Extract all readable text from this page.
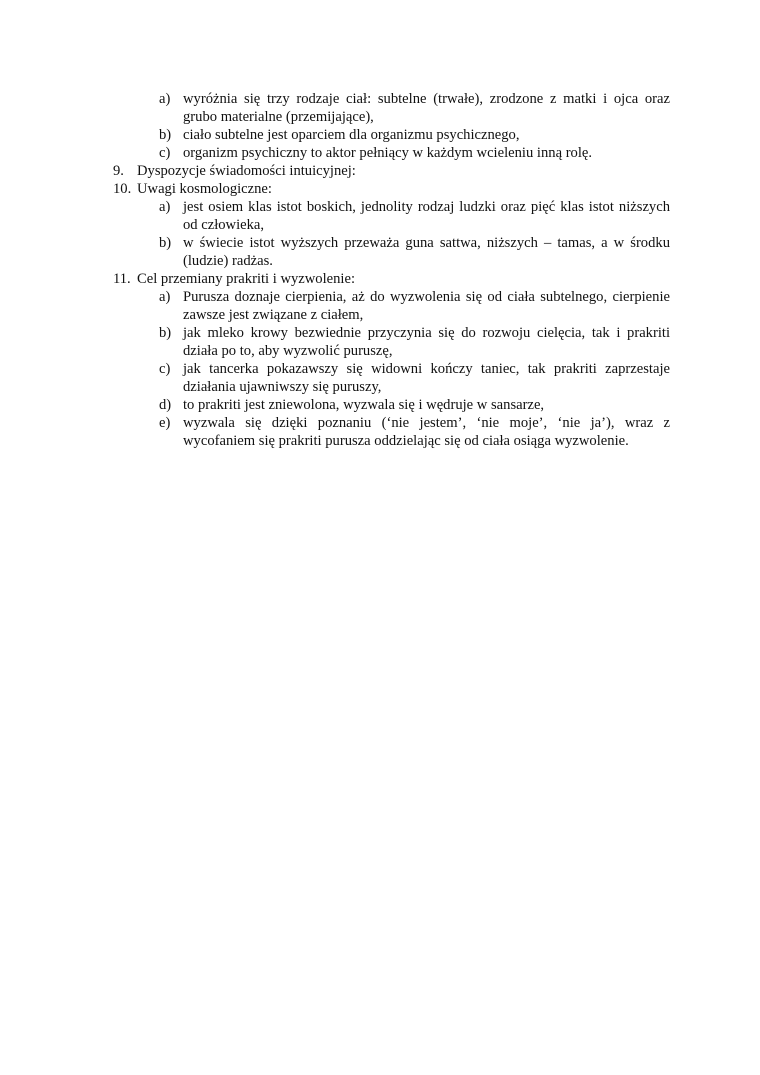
a) wyróżnia się trzy rodzaje ciał: subtelne (trwałe), zrodzone z matki i ojca oraz grubo materialne (przemijające),
b) ciało subtelne jest oparciem dla organizmu psychicznego,
c) organizm psychiczny to aktor pełniący w każdym wcieleniu inną rolę.
9. Dyspozycje świadomości intuicyjnej:
10. Uwagi kosmologiczne:
a) jest osiem klas istot boskich, jednolity rodzaj ludzki oraz pięć klas istot niższych od człowieka,
b) w świecie istot wyższych przeważa guna sattwa, niższych – tamas, a w środku (ludzie) radżas.
11. Cel przemiany prakriti i wyzwolenie:
a) Purusza doznaje cierpienia, aż do wyzwolenia się od ciała subtelnego, cierpienie zawsze jest związane z ciałem,
b) jak mleko krowy bezwiednie przyczynia się do rozwoju cielęcia, tak i prakriti działa po to, aby wyzwolić puruszę,
c) jak tancerka pokazawszy się widowni kończy taniec, tak prakriti zaprzestaje działania ujawniwszy się puruszy,
d) to prakriti jest zniewolona, wyzwala się i wędruje w sansarze,
e) wyzwala się dzięki poznaniu (‘nie jestem’, ‘nie moje’, ‘nie ja’), wraz z wycofaniem się prakriti purusza oddzielając się od ciała osiąga wyzwolenie.
